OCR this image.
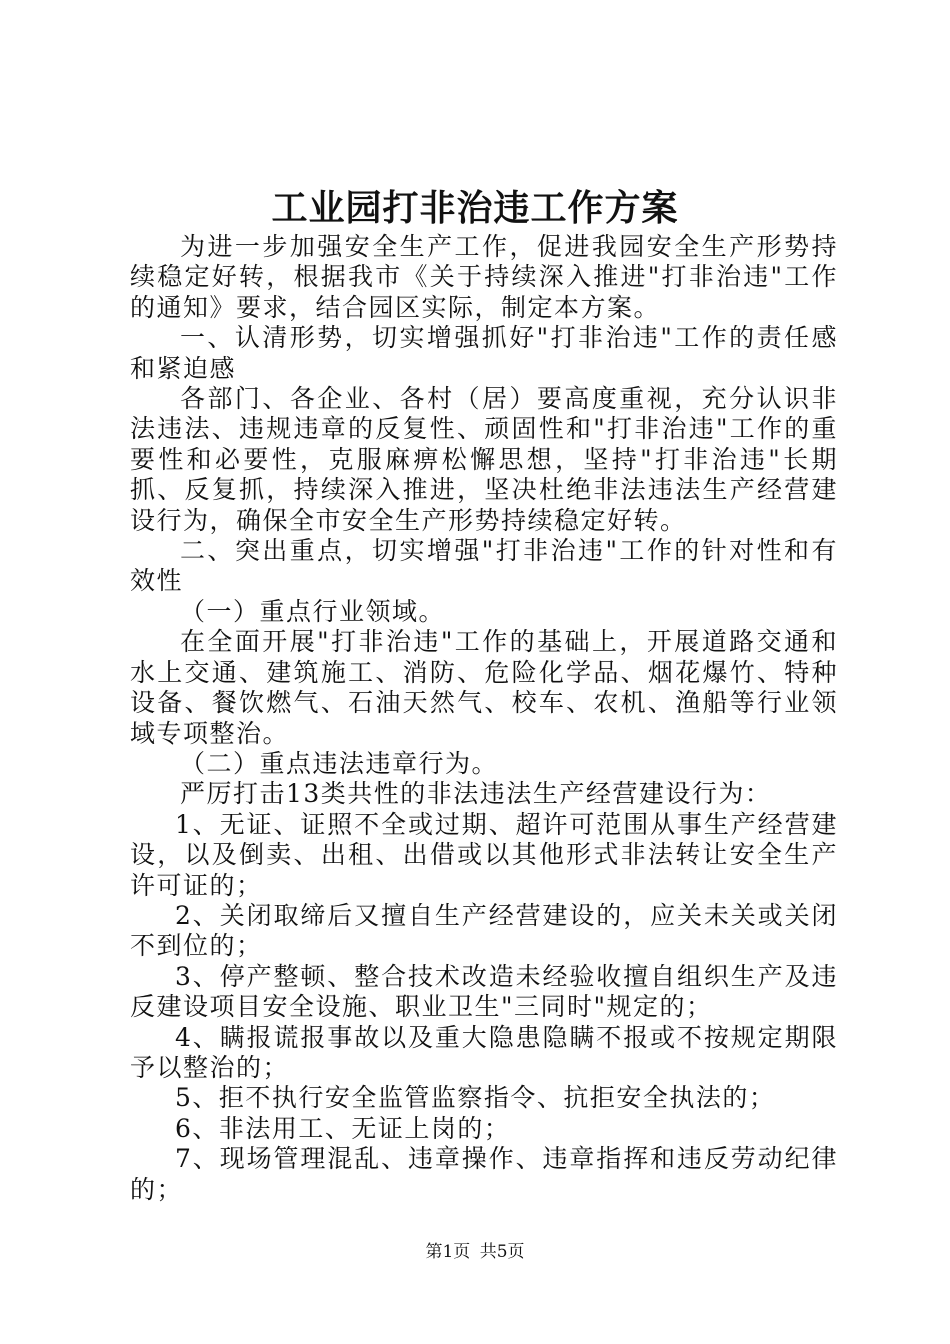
工业园打非治违工作方案

为进一步加强安全生产工作，促进我园安全生产形势持续稳定好转，根据我市《关于持续深入推进"打非治违"工作的通知》要求，结合园区实际，制定本方案。

一、认清形势，切实增强抓好"打非治违"工作的责任感和紧迫感

各部门、各企业、各村（居）要高度重视，充分认识非法违法、违规违章的反复性、顽固性和"打非治违"工作的重要性和必要性，克服麻痹松懈思想，坚持"打非治违"长期抓、反复抓，持续深入推进，坚决杜绝非法违法生产经营建设行为，确保全市安全生产形势持续稳定好转。

二、突出重点，切实增强"打非治违"工作的针对性和有效性

（一）重点行业领域。

在全面开展"打非治违"工作的基础上，开展道路交通和水上交通、建筑施工、消防、危险化学品、烟花爆竹、特种设备、餐饮燃气、石油天然气、校车、农机、渔船等行业领域专项整治。

（二）重点违法违章行为。

严厉打击13类共性的非法违法生产经营建设行为：

1、无证、证照不全或过期、超许可范围从事生产经营建设，以及倒卖、出租、出借或以其他形式非法转让安全生产许可证的；

2、关闭取缔后又擅自生产经营建设的，应关未关或关闭不到位的；

3、停产整顿、整合技术改造未经验收擅自组织生产及违反建设项目安全设施、职业卫生"三同时"规定的；

4、瞒报谎报事故以及重大隐患隐瞒不报或不按规定期限予以整治的；

5、拒不执行安全监管监察指令、抗拒安全执法的；

6、非法用工、无证上岗的；

7、现场管理混乱、违章操作、违章指挥和违反劳动纪律的；

第1页 共5页
